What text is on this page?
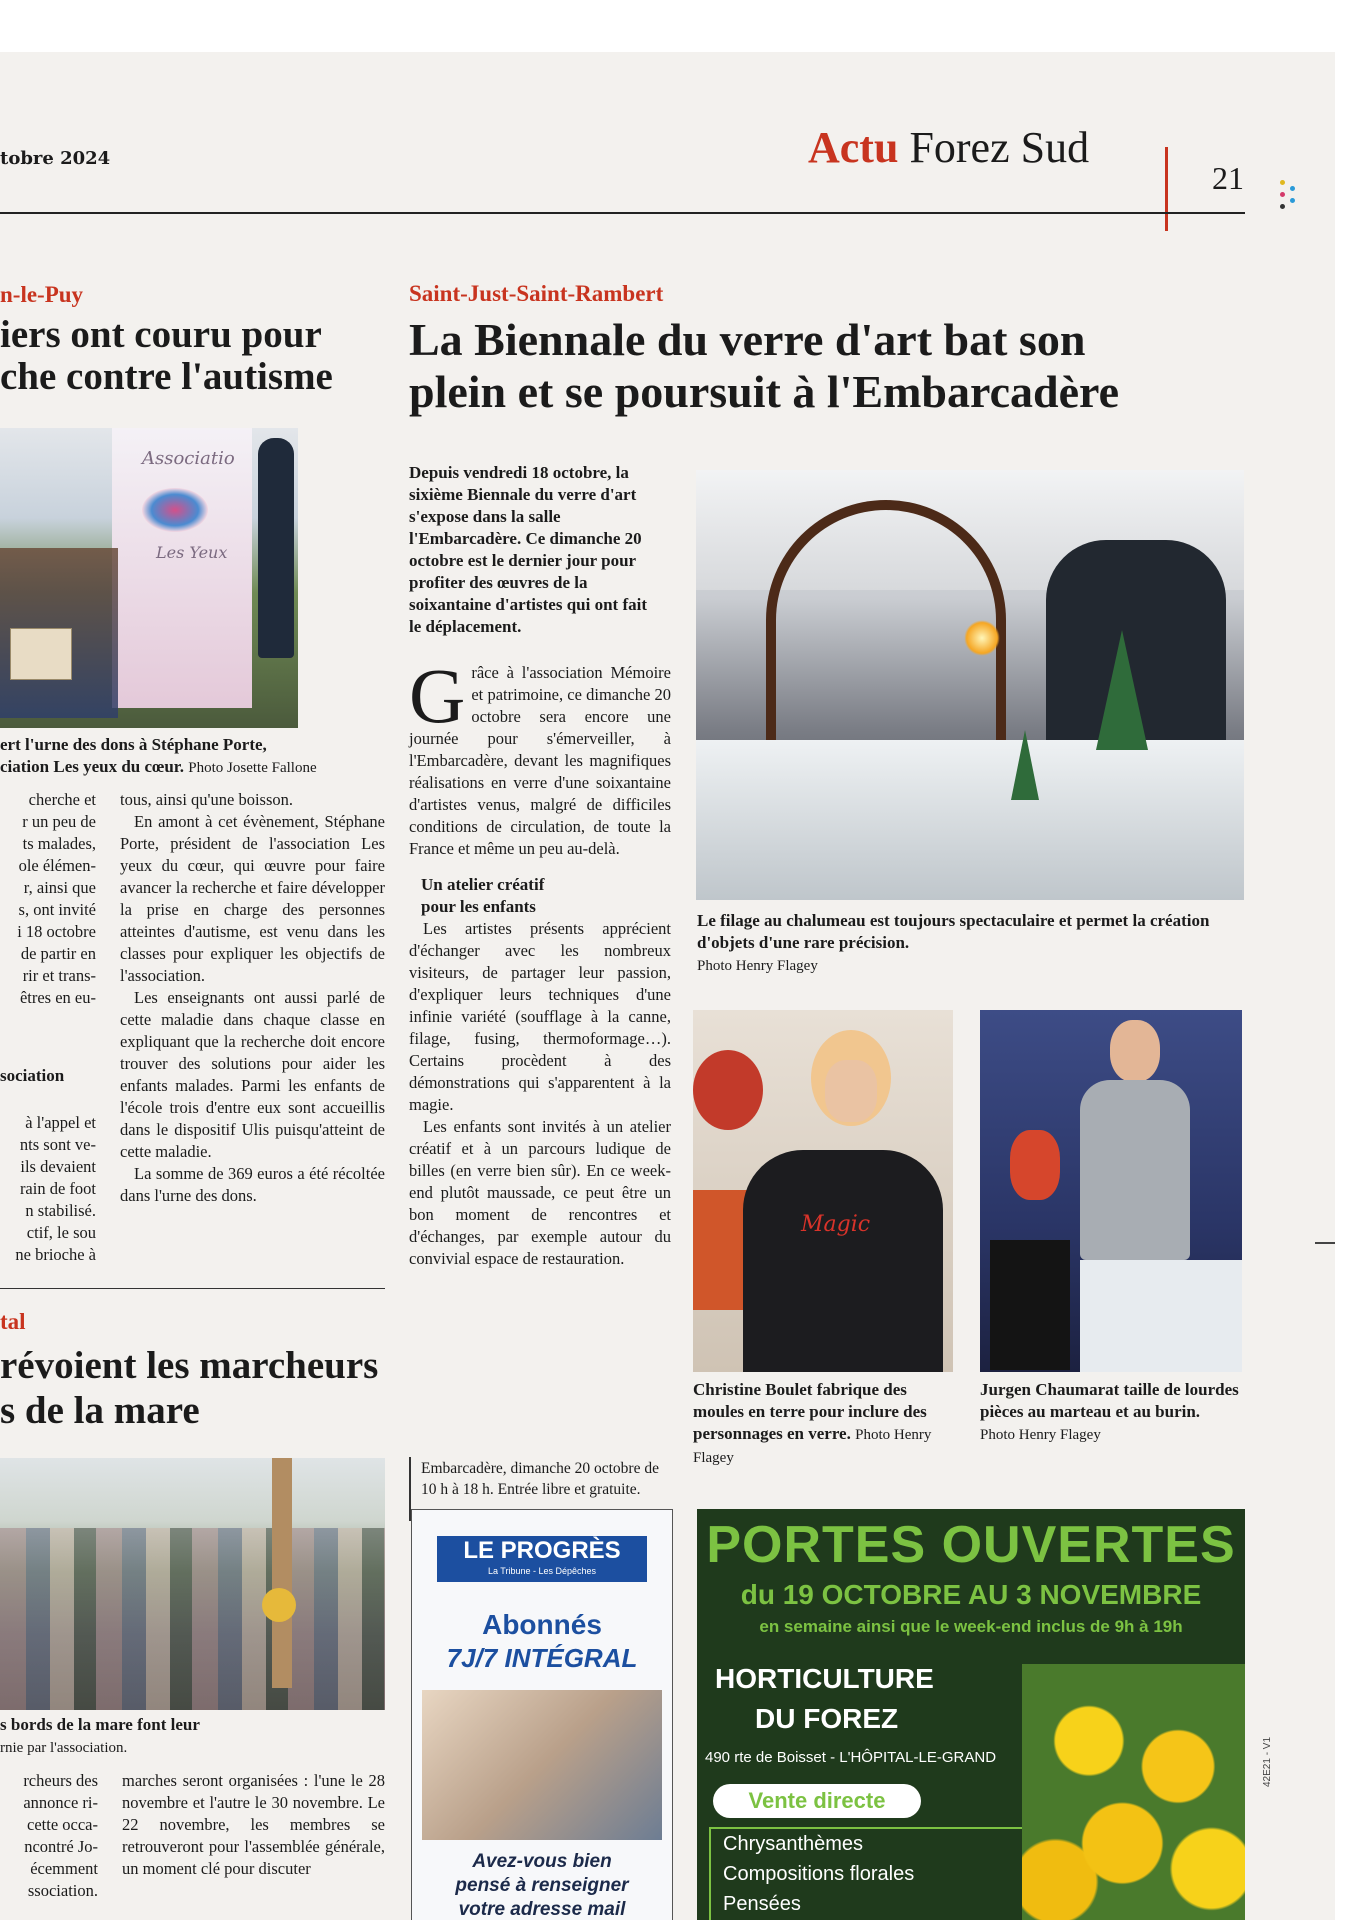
tobre 2024	Actu Forez Sud
21
n-le-Puy
iers ont couru pour
che contre l'autisme
Associatio
Les Yeux
ert l'urne des dons à Stéphane Porte,
ciation Les yeux du cœur. Photo Josette Fallone
cherche et
r un peu de
ts malades,
ole élémen-
r, ainsi que
s, ont invité
i 18 octobre
de partir en
rir et trans-
êtres en eu-
sociation
à l'appel et
nts sont ve-
ils devaient
rain de foot
n stabilisé.
ctif, le sou
ne brioche à

tous, ainsi qu'une boisson.

En amont à cet évènement, Stéphane Porte, président de l'association Les yeux du cœur, qui œuvre pour faire avancer la recherche et faire développer la prise en charge des personnes atteintes d'autisme, est venu dans les classes pour expliquer les objectifs de l'association.

Les enseignants ont aussi parlé de cette maladie dans chaque classe en expliquant que la recherche doit encore trouver des solutions pour aider les enfants malades. Parmi les enfants de l'école trois d'entre eux sont accueillis dans le dispositif Ulis puisqu'atteint de cette maladie.

La somme de 369 euros a été récoltée dans l'urne des dons.

tal
révoient les marcheurs
s de la mare
s bords de la mare font leur
rnie par l'association.
rcheurs des
annonce ri-
cette occa-
ncontré Jo-
écemment
ssociation.

marches seront organisées : l'une le 28 novembre et l'autre le 30 novembre. Le 22 novembre, les membres se retrouveront pour l'assemblée générale, un moment clé pour discuter

Saint-Just-Saint-Rambert
La Biennale du verre d'art bat son
plein et se poursuit à l'Embarcadère
Depuis vendredi 18 octobre, la sixième Biennale du verre d'art s'expose dans la salle l'Embarcadère. Ce dimanche 20 octobre est le dernier jour pour profiter des œuvres de la soixantaine d'artistes qui ont fait le déplacement.
G râce à l'association Mémoire et patrimoine, ce dimanche 20 octobre sera encore une journée pour s'émerveiller, à l'Embarcadère, devant les magnifiques réalisations en verre d'une soixantaine d'artistes venus, malgré de difficiles conditions de circulation, de toute la France et même un peu au-delà.

Un atelier créatif
pour les enfants

Les artistes présents apprécient d'échanger avec les nombreux visiteurs, de partager leur passion, d'expliquer leurs techniques d'une infinie variété (soufflage à la canne, filage, fusing, thermoformage…). Certains procèdent à des démonstrations qui s'apparentent à la magie.

Les enfants sont invités à un atelier créatif et à un parcours ludique de billes (en verre bien sûr). En ce week-end plutôt maussade, ce peut être un bon moment de rencontres et d'échanges, par exemple autour du convivial espace de restauration.

Embarcadère, dimanche 20 octobre de 10 h à 18 h. Entrée libre et gratuite.
Le filage au chalumeau est toujours spectaculaire et permet la création d'objets d'une rare précision.
Photo Henry Flagey
Magic
Christine Boulet fabrique des moules en terre pour inclure des personnages en verre. Photo Henry Flagey
Jurgen Chaumarat taille de lourdes pièces au marteau et au burin.
Photo Henry Flagey
LE PROGRÈS
La Tribune - Les Dépêches
Abonnés
7J/7 INTÉGRAL
Avez-vous bien
pensé à renseigner
votre adresse mail
PORTES OUVERTES
du 19 OCTOBRE AU 3 NOVEMBRE
en semaine ainsi que le week-end inclus de 9h à 19h
HORTICULTURE
DU FOREZ
490 rte de Boisset - L'HÔPITAL-LE-GRAND
Vente directe
Chrysanthèmes
Compositions florales
Pensées
42E21 - V1
